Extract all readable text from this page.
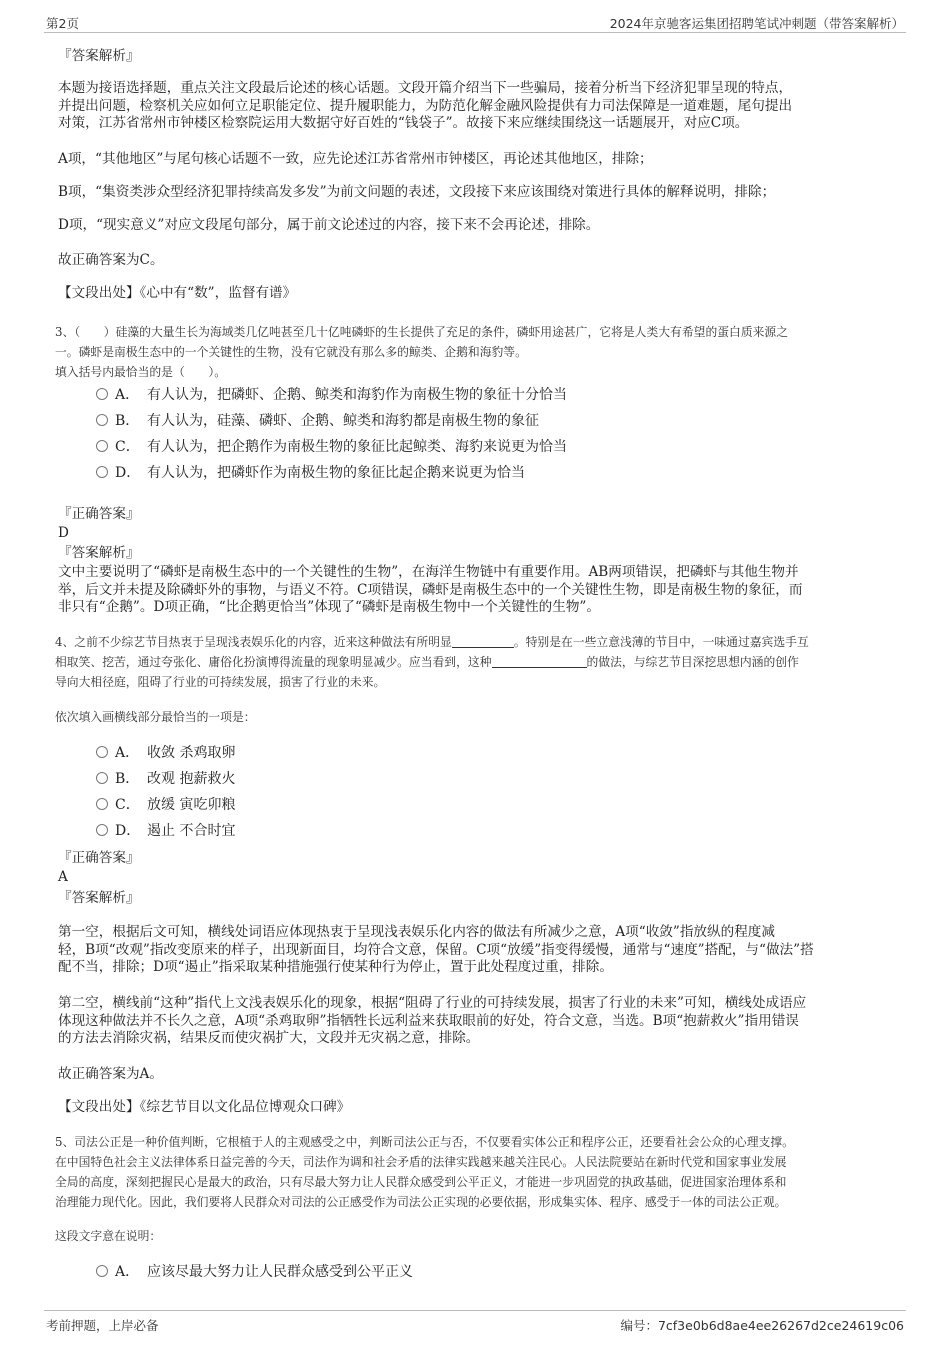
第2页	2024年京驰客运集团招聘笔试冲刺题（带答案解析）
『答案解析』
本题为接语选择题，重点关注文段最后论述的核心话题。文段开篇介绍当下一些骗局，接着分析当下经济犯罪呈现的特点，
并提出问题，检察机关应如何立足职能定位、提升履职能力，为防范化解金融风险提供有力司法保障是一道难题，尾句提出
对策，江苏省常州市钟楼区检察院运用大数据守好百姓的“钱袋子”。故接下来应继续围绕这一话题展开，对应C项。
A项，“其他地区”与尾句核心话题不一致，应先论述江苏省常州市钟楼区，再论述其他地区，排除；
B项，“集资类涉众型经济犯罪持续高发多发”为前文问题的表述，文段接下来应该围绕对策进行具体的解释说明，排除；
D项，“现实意义”对应文段尾句部分，属于前文论述过的内容，接下来不会再论述，排除。
故正确答案为C。
【文段出处】《心中有“数”，监督有谱》
3、（　　）硅藻的大量生长为海域类几亿吨甚至几十亿吨磷虾的生长提供了充足的条件，磷虾用途甚广，它将是人类大有希望的蛋白质来源之
一。磷虾是南极生态中的一个关键性的生物，没有它就没有那么多的鲸类、企鹅和海豹等。
填入括号内最恰当的是（　　）。
A． 有人认为，把磷虾、企鹅、鲸类和海豹作为南极生物的象征十分恰当
B． 有人认为，硅藻、磷虾、企鹅、鲸类和海豹都是南极生物的象征
C． 有人认为，把企鹅作为南极生物的象征比起鲸类、海豹来说更为恰当
D． 有人认为，把磷虾作为南极生物的象征比起企鹅来说更为恰当
『正确答案』
D
『答案解析』
文中主要说明了“磷虾是南极生态中的一个关键性的生物”，在海洋生物链中有重要作用。AB两项错误，把磷虾与其他生物并
举，后文并未提及除磷虾外的事物，与语义不符。C项错误，磷虾是南极生态中的一个关键性生物，即是南极生物的象征，而
非只有“企鹅”。D项正确，“比企鹅更恰当”体现了“磷虾是南极生物中一个关键性的生物”。
4、之前不少综艺节目热衷于呈现浅表娱乐化的内容，近来这种做法有所明显	。特别是在一些立意浅薄的节目中，一味通过嘉宾选手互
相取笑、挖苦，通过夸张化、庸俗化扮演博得流量的现象明显减少。应当看到，这种	的做法，与综艺节目深挖思想内涵的创作
导向大相径庭，阻碍了行业的可持续发展，损害了行业的未来。
依次填入画横线部分最恰当的一项是：
A． 收敛 杀鸡取卵
B． 改观 抱薪救火
C． 放缓 寅吃卯粮
D． 遏止 不合时宜
『正确答案』
A
『答案解析』
第一空，根据后文可知，横线处词语应体现热衷于呈现浅表娱乐化内容的做法有所减少之意，A项“收敛”指放纵的程度减
轻，B项“改观”指改变原来的样子，出现新面目，均符合文意，保留。C项“放缓”指变得缓慢，通常与“速度”搭配，与“做法”搭
配不当，排除；D项“遏止”指采取某种措施强行使某种行为停止，置于此处程度过重，排除。
第二空，横线前“这种”指代上文浅表娱乐化的现象，根据“阻碍了行业的可持续发展，损害了行业的未来”可知，横线处成语应
体现这种做法并不长久之意，A项“杀鸡取卵”指牺牲长远利益来获取眼前的好处，符合文意，当选。B项“抱薪救火”指用错误
的方法去消除灾祸，结果反而使灾祸扩大，文段并无灾祸之意，排除。
故正确答案为A。
【文段出处】《综艺节目以文化品位博观众口碑》
5、司法公正是一种价值判断，它根植于人的主观感受之中，判断司法公正与否，不仅要看实体公正和程序公正，还要看社会公众的心理支撑。
在中国特色社会主义法律体系日益完善的今天，司法作为调和社会矛盾的法律实践越来越关注民心。人民法院要站在新时代党和国家事业发展
全局的高度，深刻把握民心是最大的政治，只有尽最大努力让人民群众感受到公平正义，才能进一步巩固党的执政基础，促进国家治理体系和
治理能力现代化。因此，我们要将人民群众对司法的公正感受作为司法公正实现的必要依据，形成集实体、程序、感受于一体的司法公正观。
这段文字意在说明：
A． 应该尽最大努力让人民群众感受到公平正义
考前押题，上岸必备	编号：7cf3e0b6d8ae4ee26267d2ce24619c06
